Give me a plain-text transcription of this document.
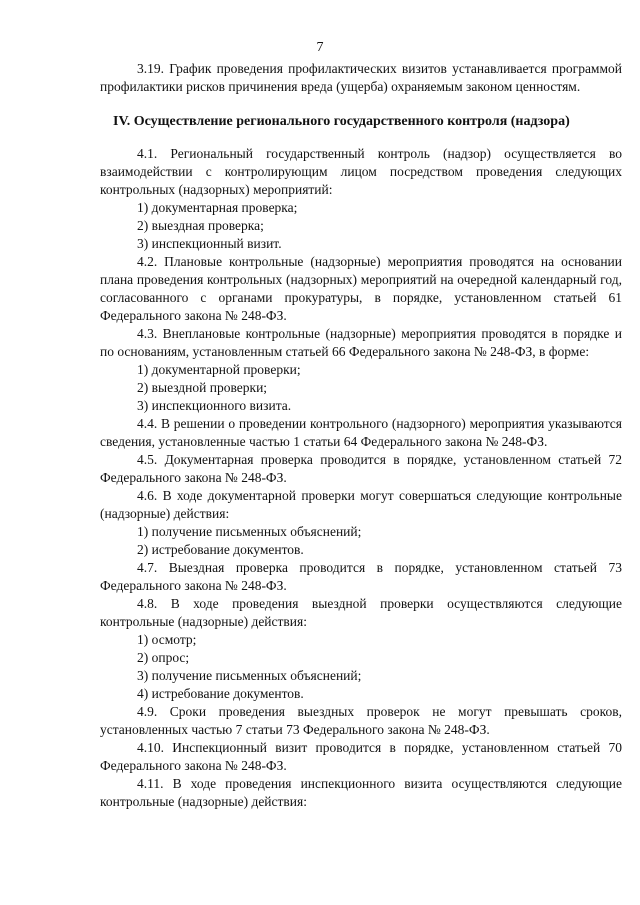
7

3.19. График проведения профилактических визитов устанавливается программой профилактики рисков причинения вреда (ущерба) охраняемым законом ценностям.

IV. Осуществление регионального государственного контроля (надзора)

4.1. Региональный государственный контроль (надзор) осуществляется во взаимодействии с контролирующим лицом посредством проведения следующих контрольных (надзорных) мероприятий:

1) документарная проверка;

2) выездная проверка;

3) инспекционный визит.

4.2. Плановые контрольные (надзорные) мероприятия проводятся на основании плана проведения контрольных (надзорных) мероприятий на очередной календарный год, согласованного с органами прокуратуры, в порядке, установленном статьей 61 Федерального закона № 248-ФЗ.

4.3. Внеплановые контрольные (надзорные) мероприятия проводятся в порядке и по основаниям, установленным статьей 66 Федерального закона № 248-ФЗ, в форме:

1) документарной проверки;

2) выездной проверки;

3) инспекционного визита.

4.4. В решении о проведении контрольного (надзорного) мероприятия указываются сведения, установленные частью 1 статьи 64 Федерального закона № 248-ФЗ.

4.5. Документарная проверка проводится в порядке, установленном статьей 72 Федерального закона № 248-ФЗ.

4.6. В ходе документарной проверки могут совершаться следующие контрольные (надзорные) действия:

1) получение письменных объяснений;

2) истребование документов.

4.7. Выездная проверка проводится в порядке, установленном статьей 73 Федерального закона № 248-ФЗ.

4.8. В ходе проведения выездной проверки осуществляются следующие контрольные (надзорные) действия:

1) осмотр;

2) опрос;

3) получение письменных объяснений;

4) истребование документов.

4.9. Сроки проведения выездных проверок не могут превышать сроков, установленных частью 7 статьи 73 Федерального закона № 248-ФЗ.

4.10. Инспекционный визит проводится в порядке, установленном статьей 70 Федерального закона № 248-ФЗ.

4.11. В ходе проведения инспекционного визита осуществляются следующие контрольные (надзорные) действия:
